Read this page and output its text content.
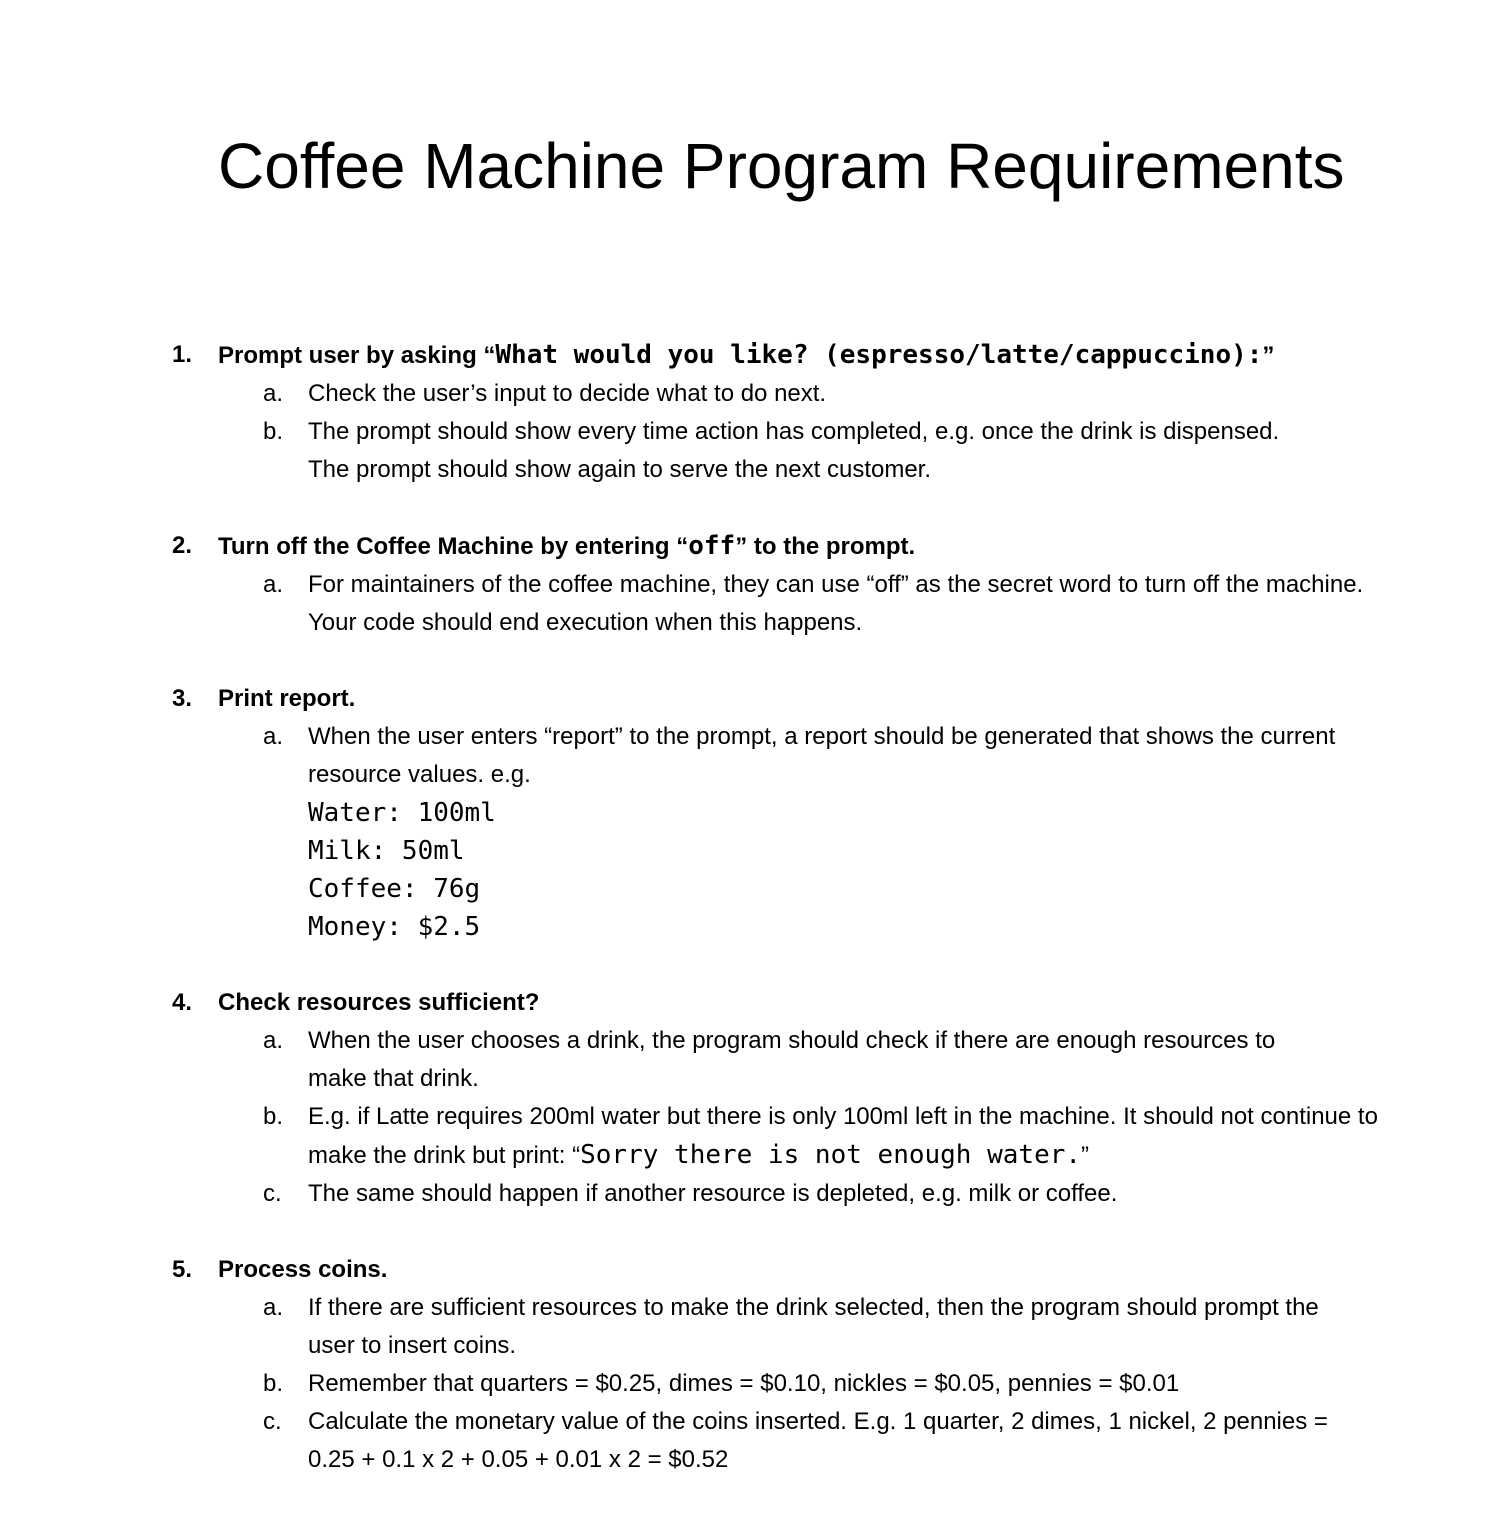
Coffee Machine Program Requirements
1. Prompt user by asking “What would you like? (espresso/latte/cappuccino):”
a. Check the user’s input to decide what to do next.
b. The prompt should show every time action has completed, e.g. once the drink is dispensed. The prompt should show again to serve the next customer.
2. Turn off the Coffee Machine by entering “off” to the prompt.
a. For maintainers of the coffee machine, they can use “off” as the secret word to turn off the machine. Your code should end execution when this happens.
3. Print report.
a. When the user enters “report” to the prompt, a report should be generated that shows the current resource values. e.g.
Water: 100ml
Milk: 50ml
Coffee: 76g
Money: $2.5
4. Check resources sufficient?
a. When the user chooses a drink, the program should check if there are enough resources to make that drink.
b. E.g. if Latte requires 200ml water but there is only 100ml left in the machine. It should not continue to make the drink but print: “Sorry there is not enough water.”
c. The same should happen if another resource is depleted, e.g. milk or coffee.
5. Process coins.
a. If there are sufficient resources to make the drink selected, then the program should prompt the user to insert coins.
b. Remember that quarters = $0.25, dimes = $0.10, nickles = $0.05, pennies = $0.01
c. Calculate the monetary value of the coins inserted. E.g. 1 quarter, 2 dimes, 1 nickel, 2 pennies = 0.25 + 0.1 x 2 + 0.05 + 0.01 x 2 = $0.52
